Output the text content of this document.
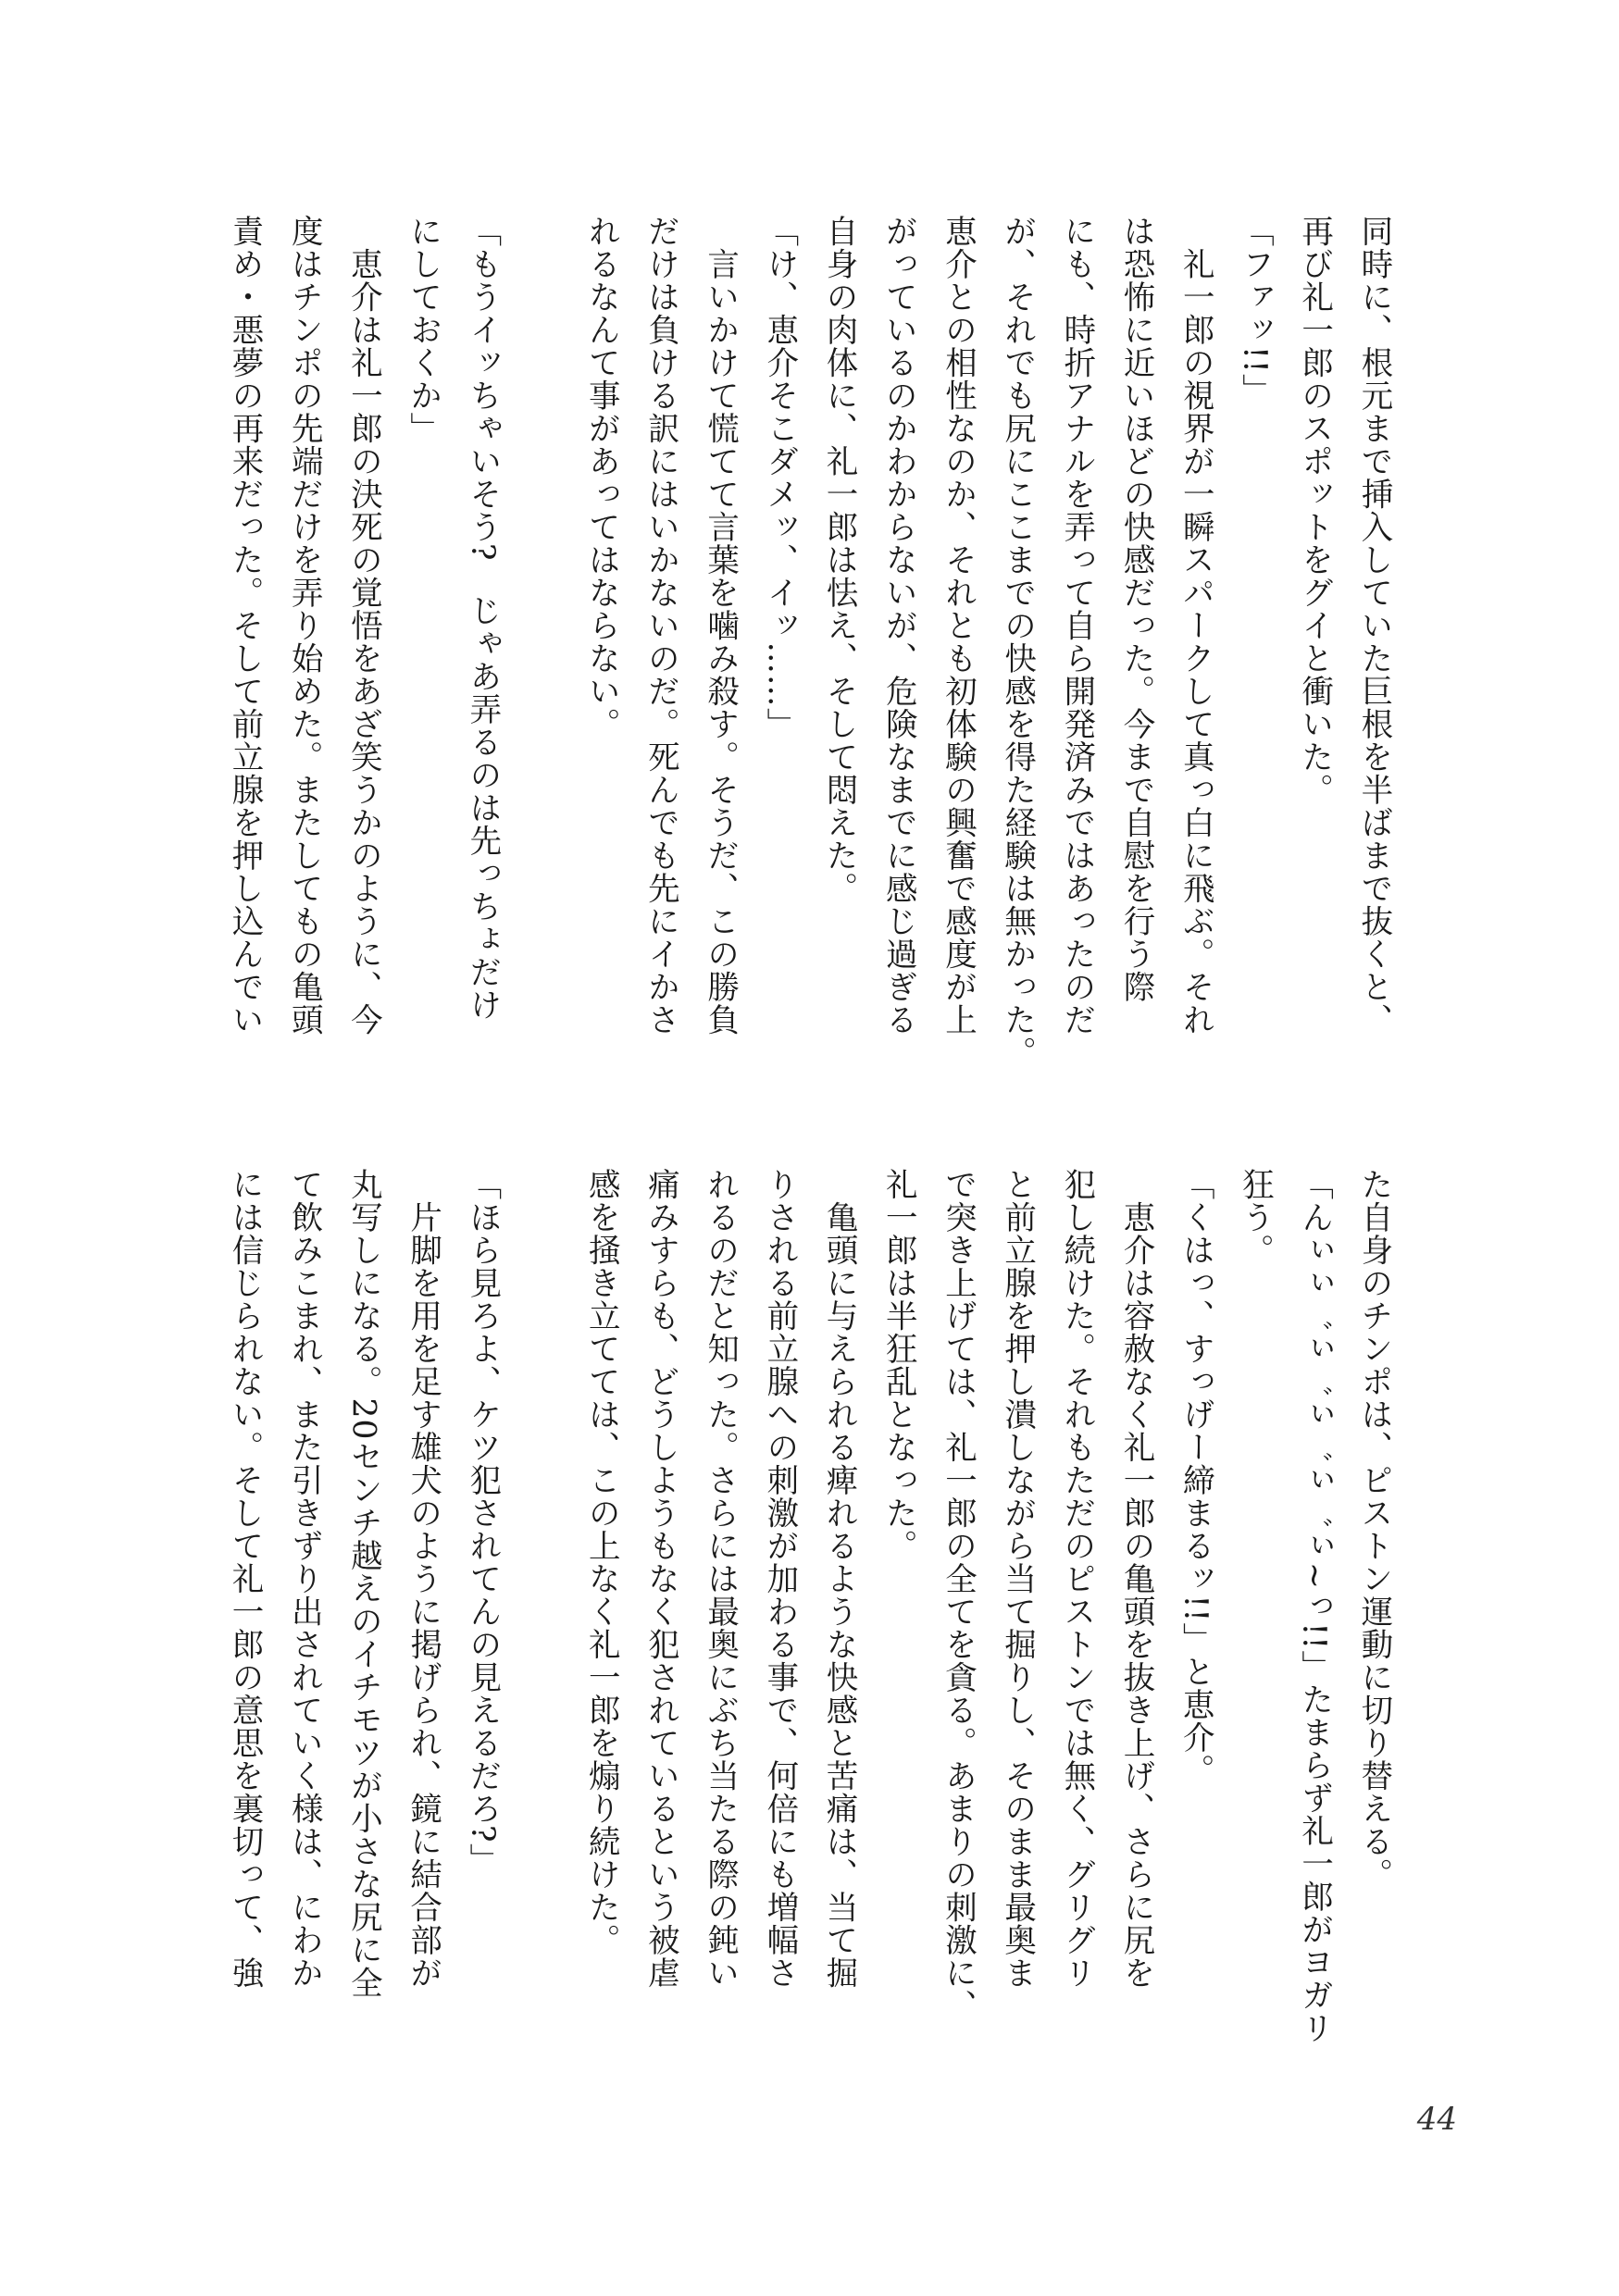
同時に、根元まで挿入していた巨根を半ばまで抜くと、
再び礼一郎のスポットをグイと衝いた。
「ファッ!!」
　礼一郎の視界が一瞬スパークして真っ白に飛ぶ。それ
は恐怖に近いほどの快感だった。今まで自慰を行う際
にも、時折アナルを弄って自ら開発済みではあったのだ
が、それでも尻にここまでの快感を得た経験は無かった。
恵介との相性なのか、それとも初体験の興奮で感度が上
がっているのかわからないが、危険なまでに感じ過ぎる
自身の肉体に、礼一郎は怯え、そして悶えた。
「け、恵介そこダメッ、イッ……」
　言いかけて慌てて言葉を噛み殺す。そうだ、この勝負
だけは負ける訳にはいかないのだ。死んでも先にイかさ
れるなんて事があってはならない。
「もうイッちゃいそう?　じゃあ弄るのは先っちょだけ
にしておくか」
　恵介は礼一郎の決死の覚悟をあざ笑うかのように、今
度はチンポの先端だけを弄り始めた。またしてもの亀頭
責め・悪夢の再来だった。そして前立腺を押し込んでい
た自身のチンポは、ピストン運動に切り替える。
「んぃぃ゛ぃ゛ぃ゛ぃ゛ぃ~っ!!」たまらず礼一郎がヨガリ
狂う。
「くはっ、すっげー締まるッ!!」と恵介。
　恵介は容赦なく礼一郎の亀頭を抜き上げ、さらに尻を
犯し続けた。それもただのピストンでは無く、グリグリ
と前立腺を押し潰しながら当て掘りし、そのまま最奥ま
で突き上げては、礼一郎の全てを貪る。あまりの刺激に、
礼一郎は半狂乱となった。
　亀頭に与えられる痺れるような快感と苦痛は、当て掘
りされる前立腺への刺激が加わる事で、何倍にも増幅さ
れるのだと知った。さらには最奥にぶち当たる際の鈍い
痛みすらも、どうしようもなく犯されているという被虐
感を掻き立てては、この上なく礼一郎を煽り続けた。
「ほら見ろよ、ケツ犯されてんの見えるだろ?」
　片脚を用を足す雄犬のように掲げられ、鏡に結合部が
丸写しになる。20センチ越えのイチモツが小さな尻に全
て飲みこまれ、また引きずり出されていく様は、にわか
には信じられない。そして礼一郎の意思を裏切って、強
44
